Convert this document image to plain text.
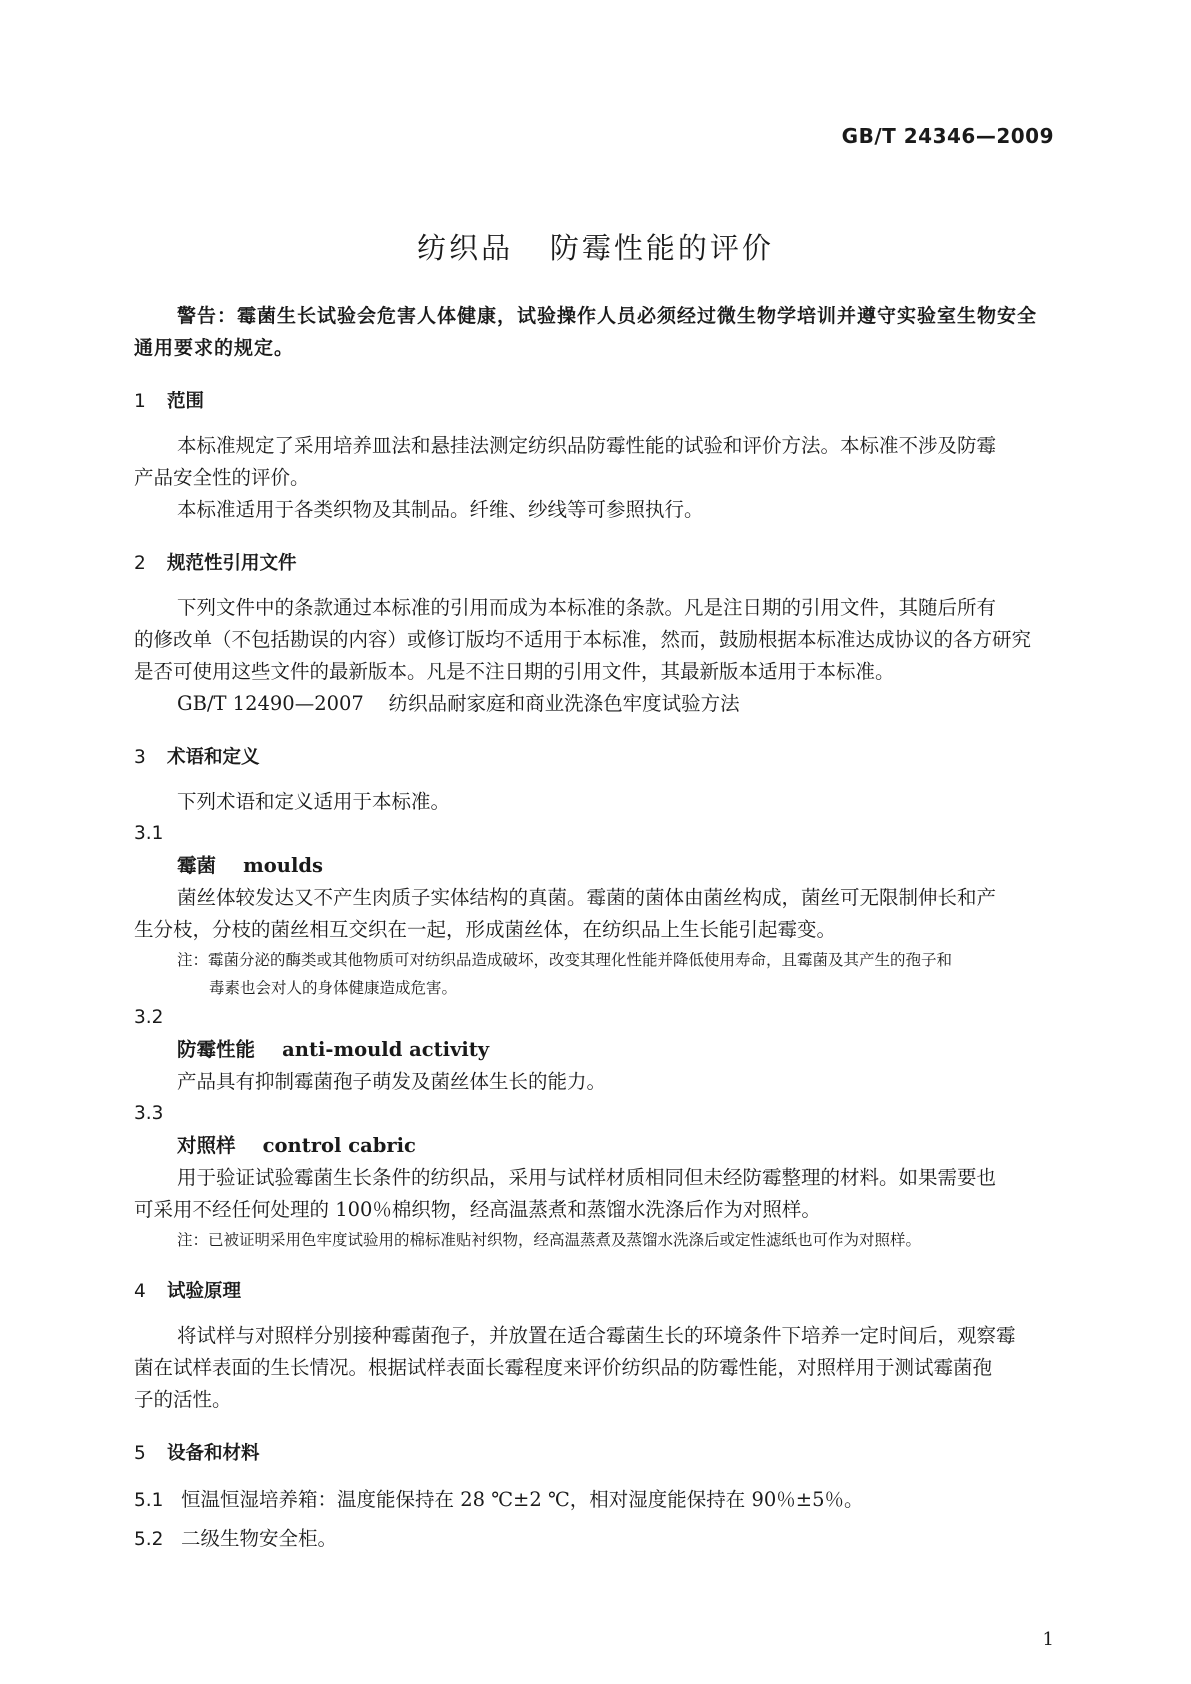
GB/T 24346—2009
纺织品   防霉性能的评价

警告：霉菌生长试验会危害人体健康，试验操作人员必须经过微生物学培训并遵守实验室生物安全
通用要求的规定。

1 范围

本标准规定了采用培养皿法和悬挂法测定纺织品防霉性能的试验和评价方法。本标准不涉及防霉
产品安全性的评价。

本标准适用于各类织物及其制品。纤维、纱线等可参照执行。

2 规范性引用文件

下列文件中的条款通过本标准的引用而成为本标准的条款。凡是注日期的引用文件，其随后所有
的修改单（不包括勘误的内容）或修订版均不适用于本标准，然而，鼓励根据本标准达成协议的各方研究
是否可使用这些文件的最新版本。凡是不注日期的引用文件，其最新版本适用于本标准。

GB/T 12490—2007    纺织品耐家庭和商业洗涤色牢度试验方法
3 术语和定义

下列术语和定义适用于本标准。

3.1
霉菌 moulds

菌丝体较发达又不产生肉质子实体结构的真菌。霉菌的菌体由菌丝构成，菌丝可无限制伸长和产
生分枝，分枝的菌丝相互交织在一起，形成菌丝体，在纺织品上生长能引起霉变。

注：霉菌分泌的酶类或其他物质可对纺织品造成破坏，改变其理化性能并降低使用寿命，且霉菌及其产生的孢子和
毒素也会对人的身体健康造成危害。
3.2
防霉性能 anti-mould activity

产品具有抑制霉菌孢子萌发及菌丝体生长的能力。

3.3
对照样 control cabric

用于验证试验霉菌生长条件的纺织品，采用与试样材质相同但未经防霉整理的材料。如果需要也
可采用不经任何处理的 100％棉织物，经高温蒸煮和蒸馏水洗涤后作为对照样。

注：已被证明采用色牢度试验用的棉标准贴衬织物，经高温蒸煮及蒸馏水洗涤后或定性滤纸也可作为对照样。
4 试验原理

将试样与对照样分别接种霉菌孢子，并放置在适合霉菌生长的环境条件下培养一定时间后，观察霉
菌在试样表面的生长情况。根据试样表面长霉程度来评价纺织品的防霉性能，对照样用于测试霉菌孢
子的活性。

5 设备和材料
5.1 恒温恒湿培养箱：温度能保持在 28 ℃±2 ℃，相对湿度能保持在 90％±5％。
5.2 二级生物安全柜。
1
